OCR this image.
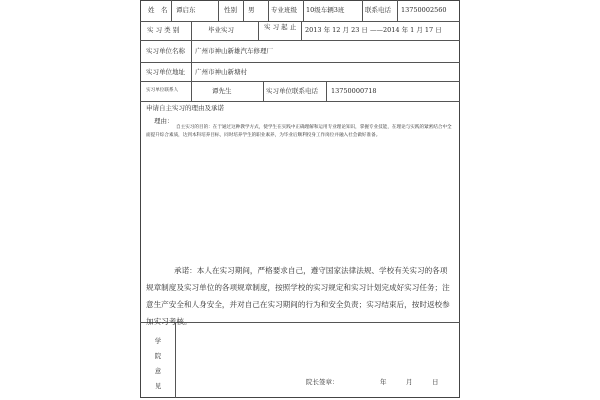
姓　名 谭启东	性别 男	专业班级 10级车辆3班	联系电话 13750002560
实 习 类 别	毕业实习	实 习 起 止 2013 年 12 月 23 日 ——2014 年 1 月 17 日
实习单位名称 广州市神山新雄汽车修理厂
实习单位地址 广州市神山新塘村
实习单位联系人	谭先生	实习单位联系电话 13750000718
申请自主实习的理由及承诺
理由：
自主实习的目的：在于通过这种教学方式，使学生在实践中正确理解和运用专业理论知识，掌握专业技能，在理论与实践的紧密结合中全面提升综合素质，达到本科培养目标，同时培养学生的职业素养，为毕业后顺利投身工作岗位并融入社会做好准备。
承诺：本人在实习期间，严格要求自己，遵守国家法律法规、学校有关实习的各项规章制度及实习单位的各项规章制度，按照学校的实习规定和实习计划完成好实习任务；注意生产安全和人身安全，并对自己在实习期间的行为和安全负责；实习结束后，按时返校参加实习考核。
学
院
意
见	院长签章：	年	月	日
